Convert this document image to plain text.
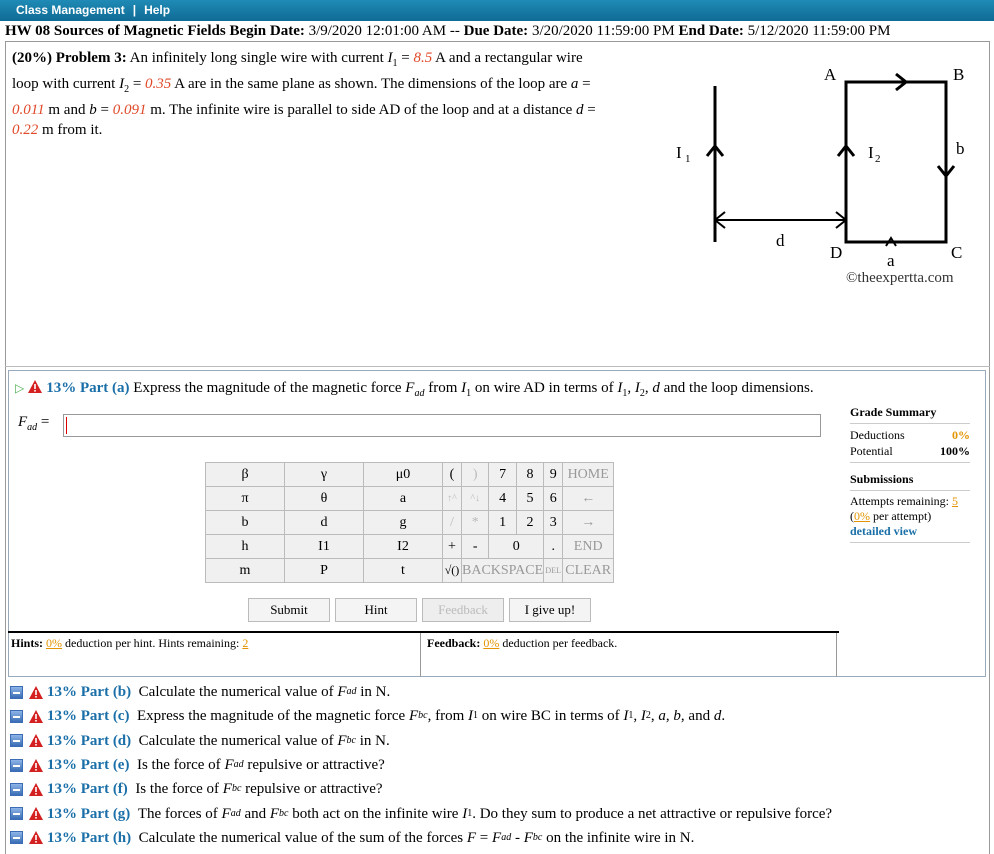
Class Management | Help
HW 08 Sources of Magnetic Fields Begin Date: 3/9/2020 12:01:00 AM -- Due Date: 3/20/2020 11:59:00 PM End Date: 5/12/2020 11:59:00 PM
(20%) Problem 3: An infinitely long single wire with current $I_1 = 8.5$ A and a rectangular wire loop with current $I_2 = 0.35$ A are in the same plane as shown. The dimensions of the loop are a = 0.011 m and b = 0.091 m. The infinite wire is parallel to side AD of the loop and at a distance d = 0.22 m from it.
A	B
C
D
b
d
a
I 1	I 2
©theexpertta.com
▷ 13% Part (a) Express the magnitude of the magnetic force $F_{ad}$ from $I_1$ on wire AD in terms of $I_1$, $I_2$, d and the loop dimensions.
$F_{ad}$ =
Grade Summary
Deductions	0%
Potential	100%
Submissions
Attempts remaining: 5
(0% per attempt)
detailed view
β	γ	μ0	(	)	7	8	9	HOME
π	θ	a	↑^	^↓	4	5	6	←
b	d	g	/	*	1	2	3	→
h	I1	I2	+	-	0		.	END
m	P	t	√()	BACKSPACE			DEL	CLEAR
Submit	Hint	Feedback	I give up!
Hints: 0% deduction per hint. Hints remaining: 2	Feedback: 0% deduction per feedback.
13%
Part (b) Calculate the numerical value of F ad in N.
13%
Part (c) Express the magnitude of the magnetic force F bc , from I 1 on wire BC in terms of I 1 , I 2 , a , b , and d .
13%
Part (d) Calculate the numerical value of F bc in N.
13%
Part (e) Is the force of F ad repulsive or attractive?
13%
Part (f) Is the force of F bc repulsive or attractive?
13%
Part (g) The forces of F ad and F bc both act on the infinite wire I 1 . Do they sum to produce a net attractive or repulsive force?
13%
Part (h) Calculate the numerical value of the sum of the forces F = F ad - F bc on the infinite wire in N.
